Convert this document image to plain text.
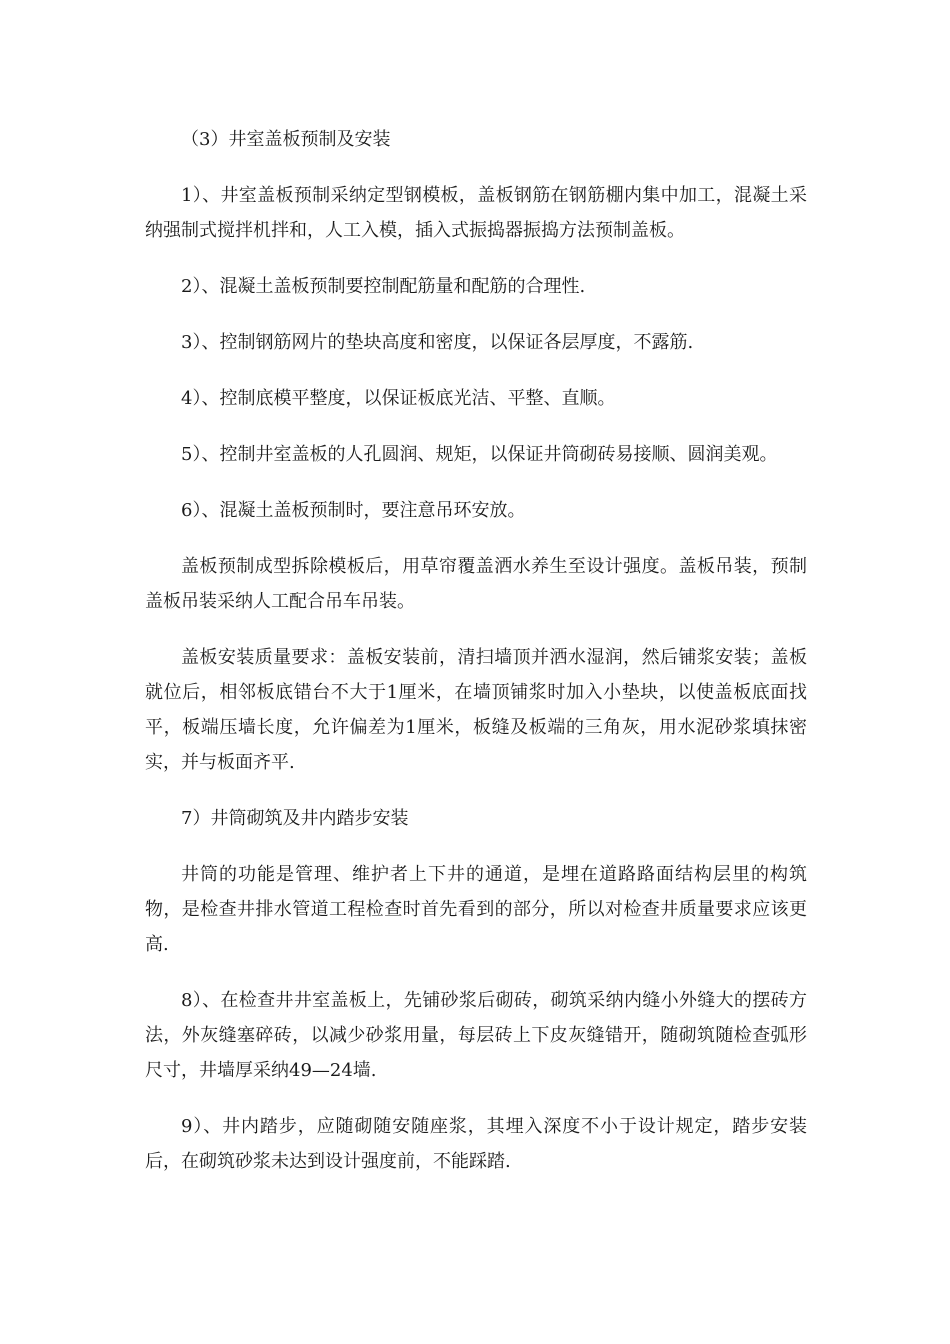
（3）井室盖板预制及安装

1）、井室盖板预制采纳定型钢模板，盖板钢筋在钢筋棚内集中加工，混凝土采纳强制式搅拌机拌和，人工入模，插入式振捣器振捣方法预制盖板。

2）、混凝土盖板预制要控制配筋量和配筋的合理性.

3）、控制钢筋网片的垫块高度和密度，以保证各层厚度，不露筋.

4）、控制底模平整度，以保证板底光洁、平整、直顺。

5）、控制井室盖板的人孔圆润、规矩，以保证井筒砌砖易接顺、圆润美观。

6）、混凝土盖板预制时，要注意吊环安放。

盖板预制成型拆除模板后，用草帘覆盖洒水养生至设计强度。盖板吊装，预制盖板吊装采纳人工配合吊车吊装。

盖板安装质量要求：盖板安装前，清扫墙顶并洒水湿润，然后铺浆安装；盖板就位后，相邻板底错台不大于1厘米，在墙顶铺浆时加入小垫块，以使盖板底面找平，板端压墙长度，允许偏差为1厘米，板缝及板端的三角灰，用水泥砂浆填抹密实，并与板面齐平.

7）井筒砌筑及井内踏步安装

井筒的功能是管理、维护者上下井的通道，是埋在道路路面结构层里的构筑物，是检查井排水管道工程检查时首先看到的部分，所以对检查井质量要求应该更高.

8）、在检查井井室盖板上，先铺砂浆后砌砖，砌筑采纳内缝小外缝大的摆砖方法，外灰缝塞碎砖，以减少砂浆用量，每层砖上下皮灰缝错开，随砌筑随检查弧形尺寸，井墙厚采纳49—24墙.

9）、井内踏步，应随砌随安随座浆，其埋入深度不小于设计规定，踏步安装后，在砌筑砂浆未达到设计强度前，不能踩踏.
